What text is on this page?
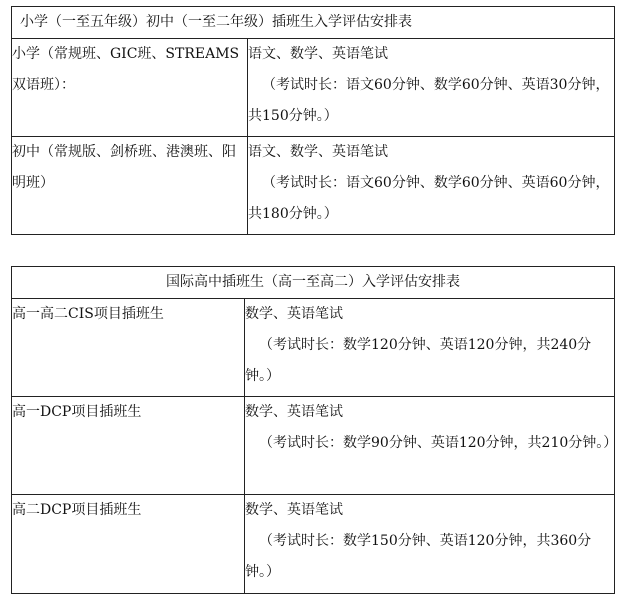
小学（一至五年级）初中（一至二年级）插班生入学评估安排表	
小学（常规班、GIC班、STREAMS双语班）：	语文、数学、英语笔试
（考试时长：语文60分钟、数学60分钟、英语30分钟，共150分钟。）

初中（常规版、剑桥班、港澳班、阳明班）	语文、数学、英语笔试
（考试时长：语文60分钟、数学60分钟、英语60分钟，共180分钟。）
国际高中插班生（高一至高二）入学评估安排表	
高一高二CIS项目插班生	数学、英语笔试
（考试时长：数学120分钟、英语120分钟，共240分钟。）

高一DCP项目插班生	数学、英语笔试
（考试时长：数学90分钟、英语120分钟，共210分钟。）

高二DCP项目插班生	数学、英语笔试
（考试时长：数学150分钟、英语120分钟，共360分钟。）
